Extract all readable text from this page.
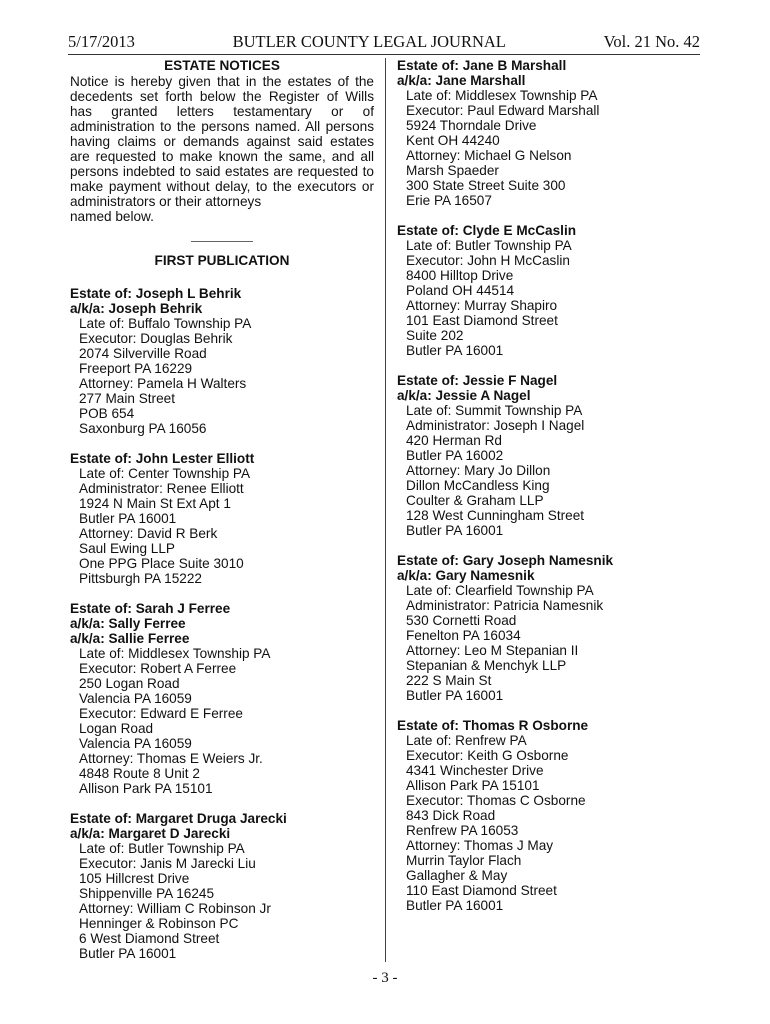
5/17/2013	BUTLER COUNTY LEGAL JOURNAL	Vol. 21 No. 42
ESTATE NOTICES
Notice is hereby given that in the estates of the decedents set forth below the Register of Wills has granted letters testamentary or of administration to the persons named. All persons having claims or demands against said estates are requested to make known the same, and all persons indebted to said estates are requested to make payment without delay, to the executors or administrators or their attorneys
named below.
FIRST PUBLICATION
Estate of: Joseph L Behrik
a/k/a: Joseph Behrik
Late of: Buffalo Township PA
Executor: Douglas Behrik
2074 Silverville Road
Freeport PA 16229
Attorney: Pamela H Walters
277 Main Street
POB 654
Saxonburg PA 16056
Estate of: John Lester Elliott
Late of: Center Township PA
Administrator: Renee Elliott
1924 N Main St Ext Apt 1
Butler PA 16001
Attorney: David R Berk
Saul Ewing LLP
One PPG Place Suite 3010
Pittsburgh PA 15222
Estate of: Sarah J Ferree
a/k/a: Sally Ferree
a/k/a: Sallie Ferree
Late of: Middlesex Township PA
Executor: Robert A Ferree
250 Logan Road
Valencia PA 16059
Executor: Edward E Ferree
Logan Road
Valencia PA 16059
Attorney: Thomas E Weiers Jr.
4848 Route 8 Unit 2
Allison Park PA 15101
Estate of: Margaret Druga Jarecki
a/k/a: Margaret D Jarecki
Late of: Butler Township PA
Executor: Janis M Jarecki Liu
105 Hillcrest Drive
Shippenville PA 16245
Attorney: William C Robinson Jr
Henninger & Robinson PC
6 West Diamond Street
Butler PA 16001
Estate of: Jane B Marshall
a/k/a: Jane Marshall
Late of: Middlesex Township PA
Executor: Paul Edward Marshall
5924 Thorndale Drive
Kent OH 44240
Attorney: Michael G Nelson
Marsh Spaeder
300 State Street Suite 300
Erie PA 16507
Estate of: Clyde E McCaslin
Late of: Butler Township PA
Executor: John H McCaslin
8400 Hilltop Drive
Poland OH 44514
Attorney: Murray Shapiro
101 East Diamond Street
Suite 202
Butler PA 16001
Estate of: Jessie F Nagel
a/k/a: Jessie A Nagel
Late of: Summit Township PA
Administrator: Joseph I Nagel
420 Herman Rd
Butler PA 16002
Attorney: Mary Jo Dillon
Dillon McCandless King
Coulter & Graham LLP
128 West Cunningham Street
Butler PA 16001
Estate of: Gary Joseph Namesnik
a/k/a: Gary Namesnik
Late of: Clearfield Township PA
Administrator: Patricia Namesnik
530 Cornetti Road
Fenelton PA 16034
Attorney: Leo M Stepanian II
Stepanian & Menchyk LLP
222 S Main St
Butler PA 16001
Estate of: Thomas R Osborne
Late of: Renfrew PA
Executor: Keith G Osborne
4341 Winchester Drive
Allison Park PA 15101
Executor: Thomas C Osborne
843 Dick Road
Renfrew PA 16053
Attorney: Thomas J May
Murrin Taylor Flach
Gallagher & May
110 East Diamond Street
Butler PA 16001
- 3 -
